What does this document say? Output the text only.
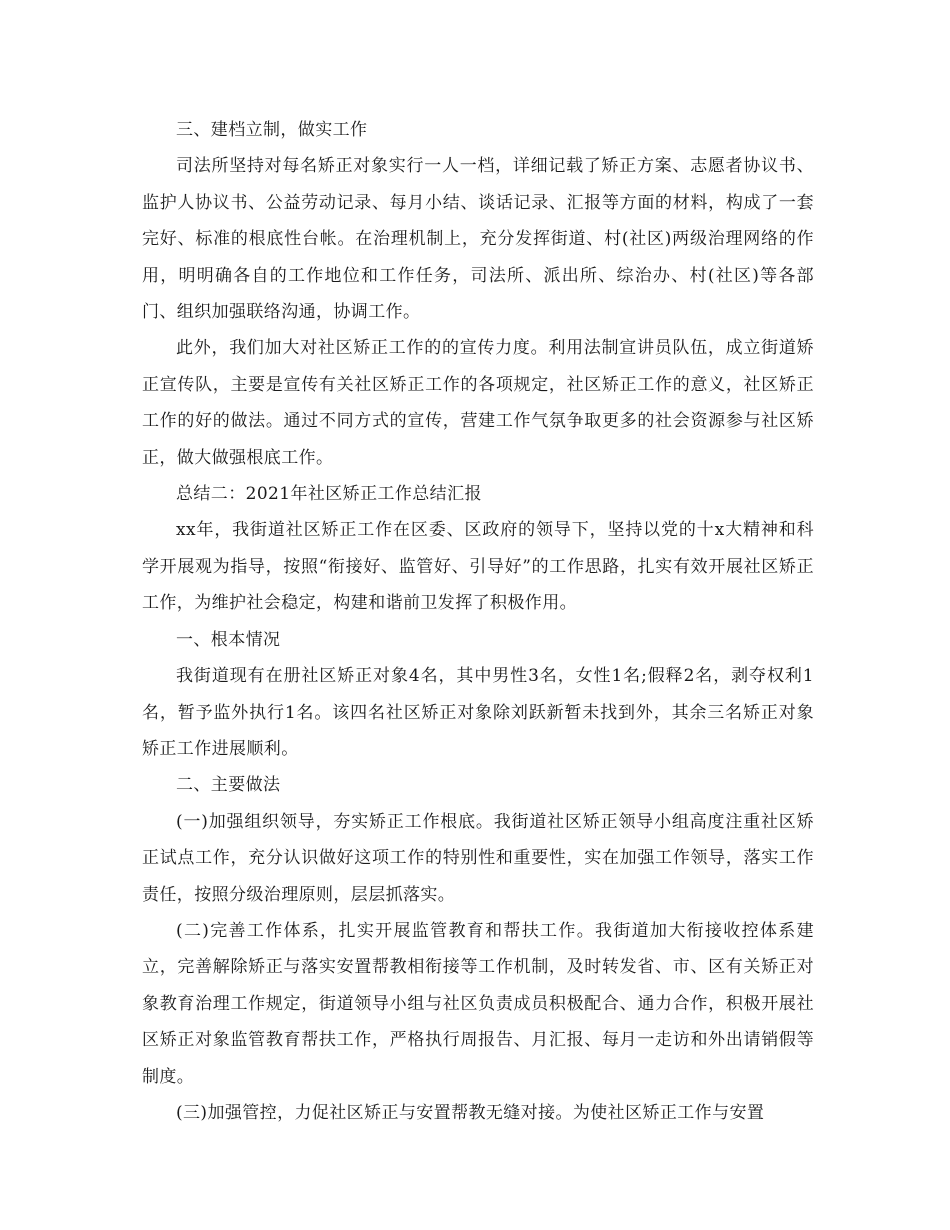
三、建档立制，做实工作

司法所坚持对每名矫正对象实行一人一档，详细记载了矫正方案、志愿者协议书、监护人协议书、公益劳动记录、每月小结、谈话记录、汇报等方面的材料，构成了一套完好、标准的根底性台帐。在治理机制上，充分发挥街道、村(社区)两级治理网络的作用，明明确各自的工作地位和工作任务，司法所、派出所、综治办、村(社区)等各部门、组织加强联络沟通，协调工作。

此外，我们加大对社区矫正工作的的宣传力度。利用法制宣讲员队伍，成立街道矫正宣传队，主要是宣传有关社区矫正工作的各项规定，社区矫正工作的意义，社区矫正工作的好的做法。通过不同方式的宣传，营建工作气氛争取更多的社会资源参与社区矫正，做大做强根底工作。

总结二：2021年社区矫正工作总结汇报

xx年，我街道社区矫正工作在区委、区政府的领导下，坚持以党的十x大精神和科学开展观为指导，按照“衔接好、监管好、引导好”的工作思路，扎实有效开展社区矫正工作，为维护社会稳定，构建和谐前卫发挥了积极作用。

一、根本情况

我街道现有在册社区矫正对象4名，其中男性3名，女性1名;假释2名，剥夺权利1名，暂予监外执行1名。该四名社区矫正对象除刘跃新暂未找到外，其余三名矫正对象矫正工作进展顺利。

二、主要做法

(一)加强组织领导，夯实矫正工作根底。我街道社区矫正领导小组高度注重社区矫正试点工作，充分认识做好这项工作的特别性和重要性，实在加强工作领导，落实工作责任，按照分级治理原则，层层抓落实。

(二)完善工作体系，扎实开展监管教育和帮扶工作。我街道加大衔接收控体系建立，完善解除矫正与落实安置帮教相衔接等工作机制，及时转发省、市、区有关矫正对象教育治理工作规定，街道领导小组与社区负责成员积极配合、通力合作，积极开展社区矫正对象监管教育帮扶工作，严格执行周报告、月汇报、每月一走访和外出请销假等制度。

(三)加强管控，力促社区矫正与安置帮教无缝对接。为使社区矫正工作与安置
